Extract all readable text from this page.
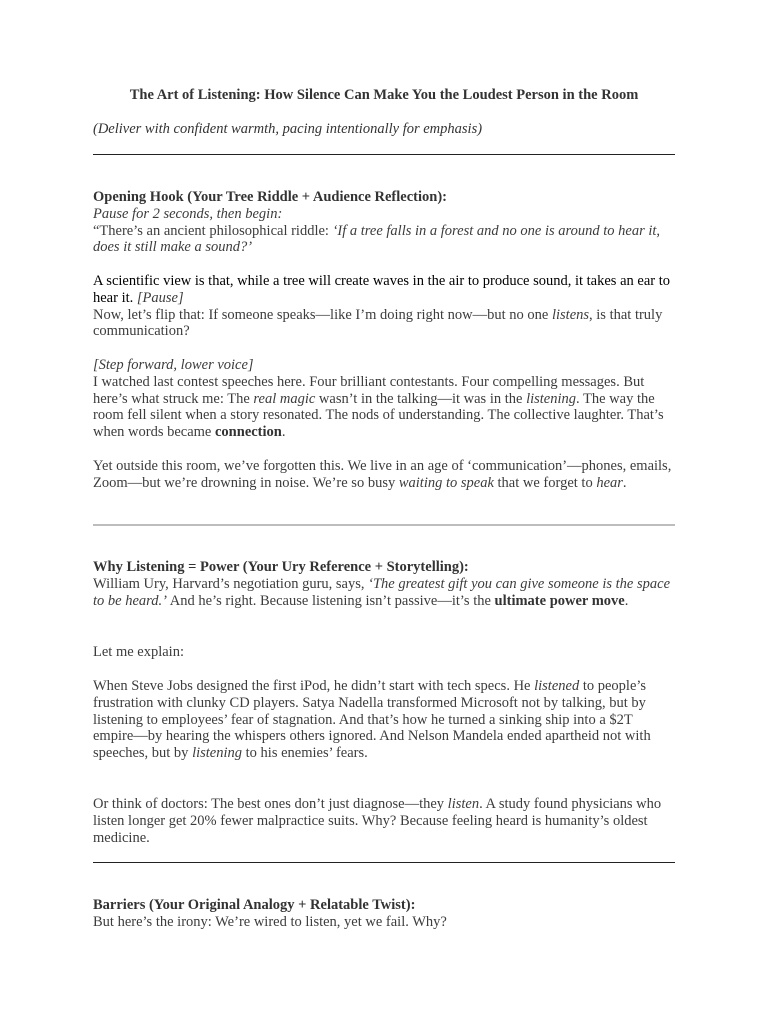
The Art of Listening: How Silence Can Make You the Loudest Person in the Room
(Deliver with confident warmth, pacing intentionally for emphasis)
Opening Hook (Your Tree Riddle + Audience Reflection):
Pause for 2 seconds, then begin:
“There’s an ancient philosophical riddle: ‘If a tree falls in a forest and no one is around to hear it, does it still make a sound?’
A scientific view is that, while a tree will create waves in the air to produce sound, it takes an ear to hear it. [Pause]
Now, let’s flip that: If someone speaks—like I’m doing right now—but no one listens, is that truly communication?
[Step forward, lower voice]
I watched last contest speeches here. Four brilliant contestants. Four compelling messages. But here’s what struck me: The real magic wasn’t in the talking—it was in the listening. The way the room fell silent when a story resonated. The nods of understanding. The collective laughter. That’s when words became connection.
Yet outside this room, we’ve forgotten this. We live in an age of ‘communication’—phones, emails, Zoom—but we’re drowning in noise. We’re so busy waiting to speak that we forget to hear.
Why Listening = Power (Your Ury Reference + Storytelling):
William Ury, Harvard’s negotiation guru, says, ‘The greatest gift you can give someone is the space to be heard.’ And he’s right. Because listening isn’t passive—it’s the ultimate power move.
Let me explain:
When Steve Jobs designed the first iPod, he didn’t start with tech specs. He listened to people’s frustration with clunky CD players. Satya Nadella transformed Microsoft not by talking, but by listening to employees’ fear of stagnation. And that’s how he turned a sinking ship into a $2T empire—by hearing the whispers others ignored. And Nelson Mandela ended apartheid not with speeches, but by listening to his enemies’ fears.
Or think of doctors: The best ones don’t just diagnose—they listen. A study found physicians who listen longer get 20% fewer malpractice suits. Why? Because feeling heard is humanity’s oldest medicine.
Barriers (Your Original Analogy + Relatable Twist):
But here’s the irony: We’re wired to listen, yet we fail. Why?
